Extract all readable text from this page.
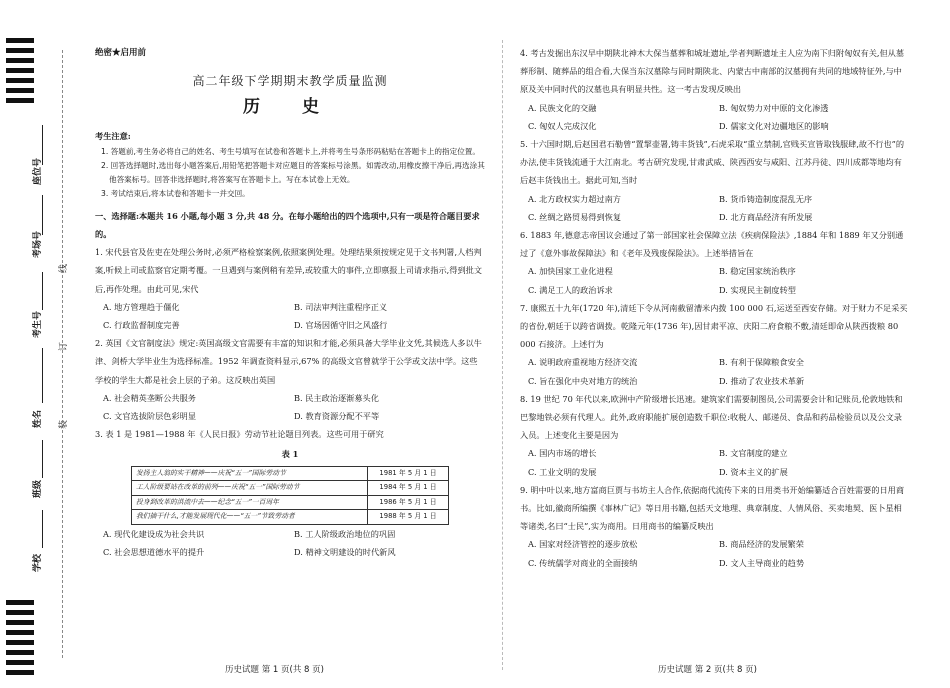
座位号
考场号
考生号
姓名
班级
学校
线
订
装
绝密★启用前
高二年级下学期期末教学质量监测
历 史
考生注意:
1. 答题前,考生务必将自己的姓名、考生号填写在试卷和答题卡上,并将考生号条形码粘贴在答题卡上的指定位置。
2. 回答选择题时,选出每小题答案后,用铅笔把答题卡对应题目的答案标号涂黑。如需改动,用橡皮擦干净后,再选涂其他答案标号。回答非选择题时,将答案写在答题卡上。写在本试卷上无效。
3. 考试结束后,将本试卷和答题卡一并交回。
一、选择题:本题共 16 小题,每小题 3 分,共 48 分。在每小题给出的四个选项中,只有一项是符合题目要求的。
1. 宋代县官及佐吏在处理公务时,必须严格检察案例,依照案例处理。处理结果须按规定见于文书判署,人档判案,听候上司或监察官定期考覆。一旦遇到与案例稍有差异,或较重大的事件,立即禀报上司请求指示,得到批文后,再作处理。由此可见,宋代
A. 地方管理趋于僵化	B. 司法审判注重程序正义
C. 行政监督制度完善	D. 官场因循守旧之风盛行
2. 英国《文官制度法》规定:英国高级文官需要有丰富的知识和才能,必须具备大学毕业文凭,其候选人多以牛津、剑桥大学毕业生为选择标准。1952 年调查资料显示,67% 的高级文官曾就学于公学或文法中学。这些学校的学生大都是社会上层的子弟。这反映出英国
A. 社会精英垄断公共服务	B. 民主政治逐渐募头化
C. 文官选拔阶层色彩明显	D. 教育资源分配不平等
3. 表 1 是 1981—1988 年《人民日报》劳动节社论题目列表。这些可用于研究
表 1
发扬主人翁的实干精神——庆祝“五一”国际劳动节	1981 年 5 月 1 日
工人阶级要站在改革的前列——庆祝“五一”国际劳动节	1984 年 5 月 1 日
投身到改革的洪流中去——纪念“五一”一百周年	1986 年 5 月 1 日
我们摘干什么,才能发展现代化——“五一”节致劳动者	1988 年 5 月 1 日
A. 现代化建设成为社会共识	B. 工人阶级政治地位的巩固
C. 社会思想道德水平的提升	D. 精神文明建设的时代新风
4. 考古发掘出东汉早中期陕北神木大保当墓葬和城址遗址,学者判断遗址主人应为南下归附匈奴有关,但从墓葬形制、随葬品的组合看,大保当东汉墓除与同时期陕北、内蒙古中南部的汉墓拥有共同的地域特征外,与中原及关中同时代的汉墓也具有明显共性。这一考古发现反映出
A. 民族文化的交融	B. 匈奴势力对中原的文化渗透
C. 匈奴人完成汉化	D. 儒家文化对边疆地区的影响
5. 十六国时期,后赵国君石勒曾“置挈壶署,铸丰货钱”,石虎采取“重立禁制,官贱买宣皆取钱服肆,故不行也”的办法,使丰货钱流通于大江南北。考古研究发现,甘肃武威、陕西西安与咸阳、江苏丹徒、四川成都等地均有后赵丰货钱出土。据此可知,当时
A. 北方政权实力超过南方	B. 货币铸造制度混乱无序
C. 丝绸之路贸易得到恢复	D. 北方商品经济有所发展
6. 1883 年,德意志帝国议会通过了第一部国家社会保障立法《疾病保险法》,1884 年和 1889 年又分别通过了《意外事故保障法》和《老年及残废保险法》。上述举措旨在
A. 加快国家工业化进程	B. 稳定国家统治秩序
C. 满足工人的政治诉求	D. 实现民主制度转型
7. 康熙五十九年(1720 年),清廷下令从河南截留漕米内拨 100 000 石,运送至西安存储。对于财力不足采买的省份,朝廷于以跨省调拨。乾隆元年(1736 年),因甘肃平凉、庆阳二府食粮不敷,清廷即命从陕西拨粮 80 000 石接济。上述行为
A. 说明政府重视地方经济交流	B. 有利于保障粮食安全
C. 旨在强化中央对地方的统治	D. 推动了农业技术革新
8. 19 世纪 70 年代以来,欧洲中产阶级增长迅速。建筑家们需要制图员,公司需要会计和记账员,伦敦地铁和巴黎地铁必须有代理人。此外,政府职能扩展创造数千职位:收税人、邮递员、食品和药品检验员以及公文录入员。上述变化主要是因为
A. 国内市场的增长	B. 文官制度的建立
C. 工业文明的发展	D. 资本主义的扩展
9. 明中叶以来,地方富商巨贾与书坊主人合作,依据商代流传下来的日用类书开始编纂适合百姓需要的日用商书。比如,徽商所编撰《事林广记》等日用书籍,包括天文地理、典章制度、人情风俗、买卖地契、医卜星相等诸类,名曰“士民”,实为商用。日用商书的编纂反映出
A. 国家对经济管控的逐步放松	B. 商品经济的发展繁荣
C. 传统儒学对商业的全面接纳	D. 文人主导商业的趋势
历史试题 第 1 页(共 8 页)	历史试题 第 2 页(共 8 页)
